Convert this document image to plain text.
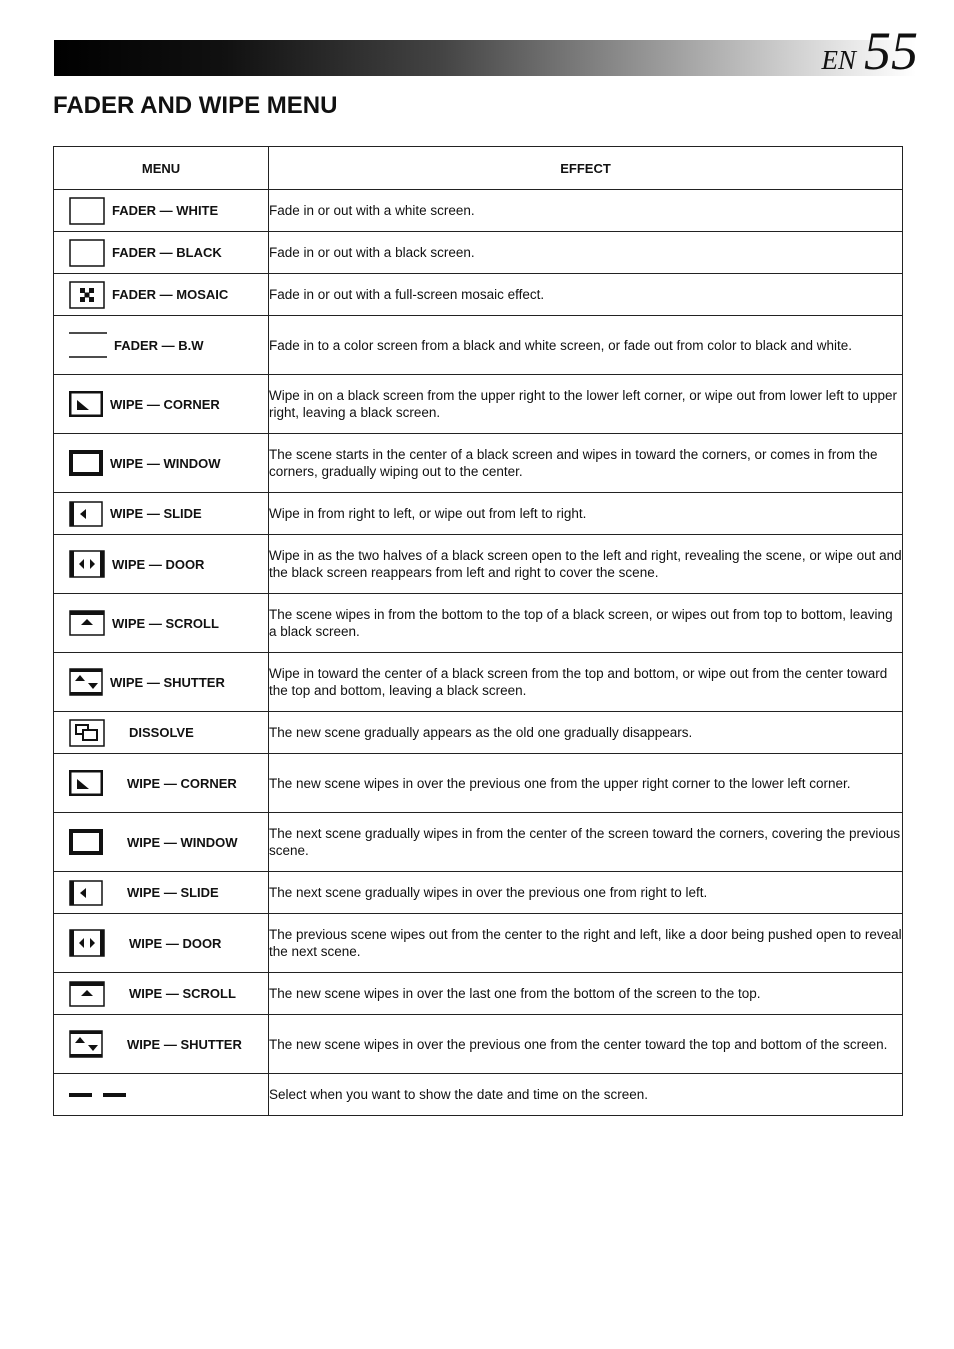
EN 55
FADER AND WIPE MENU
MENU	EFFECT

FADER — WHITE	Fade in or out with a white screen.

FADER — BLACK	Fade in or out with a black screen.

FADER — MOSAIC	Fade in or out with a full-screen mosaic effect.

FADER — B.W	Fade in to a color screen from a black and white screen, or fade out from color to black and white.

WIPE — CORNER	Wipe in on a black screen from the upper right to the lower left corner, or wipe out from lower left to upper right, leaving a black screen.

WIPE — WINDOW	The scene starts in the center of a black screen and wipes in toward the corners, or comes in from the corners, gradually wiping out to the center.

WIPE — SLIDE	Wipe in from right to left, or wipe out from left to right.

WIPE — DOOR	Wipe in as the two halves of a black screen open to the left and right, revealing the scene, or wipe out and the black screen reappears from left and right to cover the scene.

WIPE — SCROLL	The scene wipes in from the bottom to the top of a black screen, or wipes out from top to bottom, leaving a black screen.

WIPE — SHUTTER	Wipe in toward the center of a black screen from the top and bottom, or wipe out from the center toward the top and bottom, leaving a black screen.

DISSOLVE	The new scene gradually appears as the old one gradually disappears.

WIPE — CORNER	The new scene wipes in over the previous one from the upper right corner to the lower left corner.

WIPE — WINDOW	The next scene gradually wipes in from the center of the screen toward the corners, covering the previous scene.

WIPE — SLIDE	The next scene gradually wipes in over the previous one from right to left.

WIPE — DOOR	The previous scene wipes out from the center to the right and left, like a door being pushed open to reveal the next scene.

WIPE — SCROLL	The new scene wipes in over the last one from the bottom of the screen to the top.

WIPE — SHUTTER	The new scene wipes in over the previous one from the center toward the top and bottom of the screen.

	Select when you want to show the date and time on the screen.
